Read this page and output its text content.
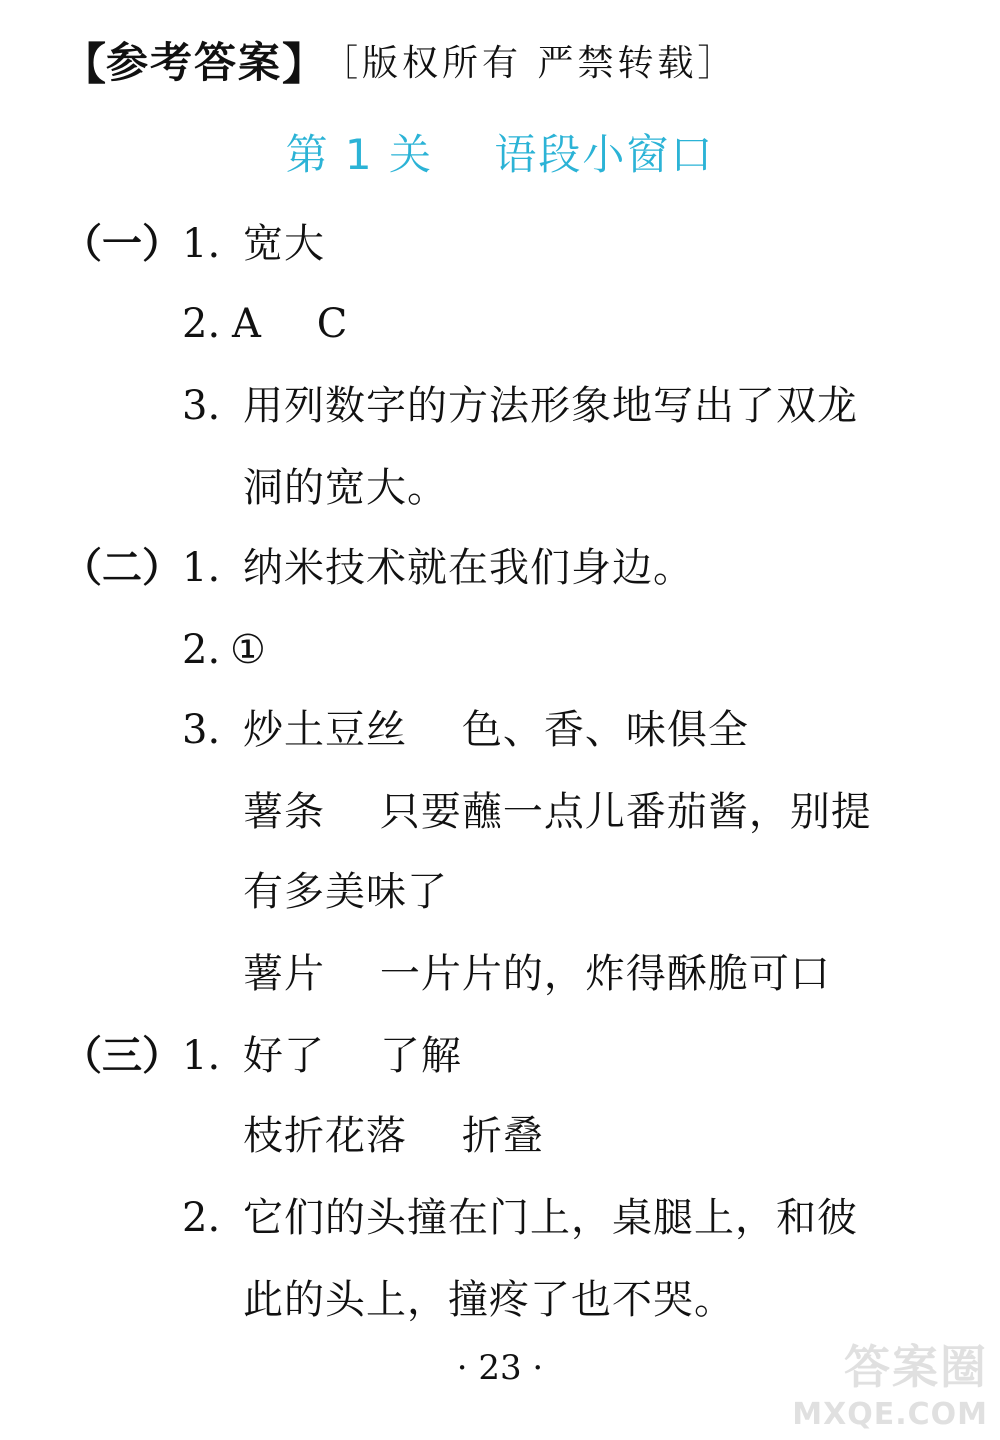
【参考答案】 ［版权所有 严禁转载］
第 1 关    语段小窗口
（一） 1. 宽大
2. A    C
3. 用列数字的方法形象地写出了双龙
洞的宽大。
（二） 1. 纳米技术就在我们身边。
2. ①
3. 炒土豆丝    色、香、味俱全
薯条    只要蘸一点儿番茄酱，别提
有多美味了
薯片    一片片的，炸得酥脆可口
（三） 1. 好了    了解
枝折花落    折叠
2. 它们的头撞在门上，桌腿上，和彼
此的头上，撞疼了也不哭。
· 23 ·	答案圈
MXQE.COM
